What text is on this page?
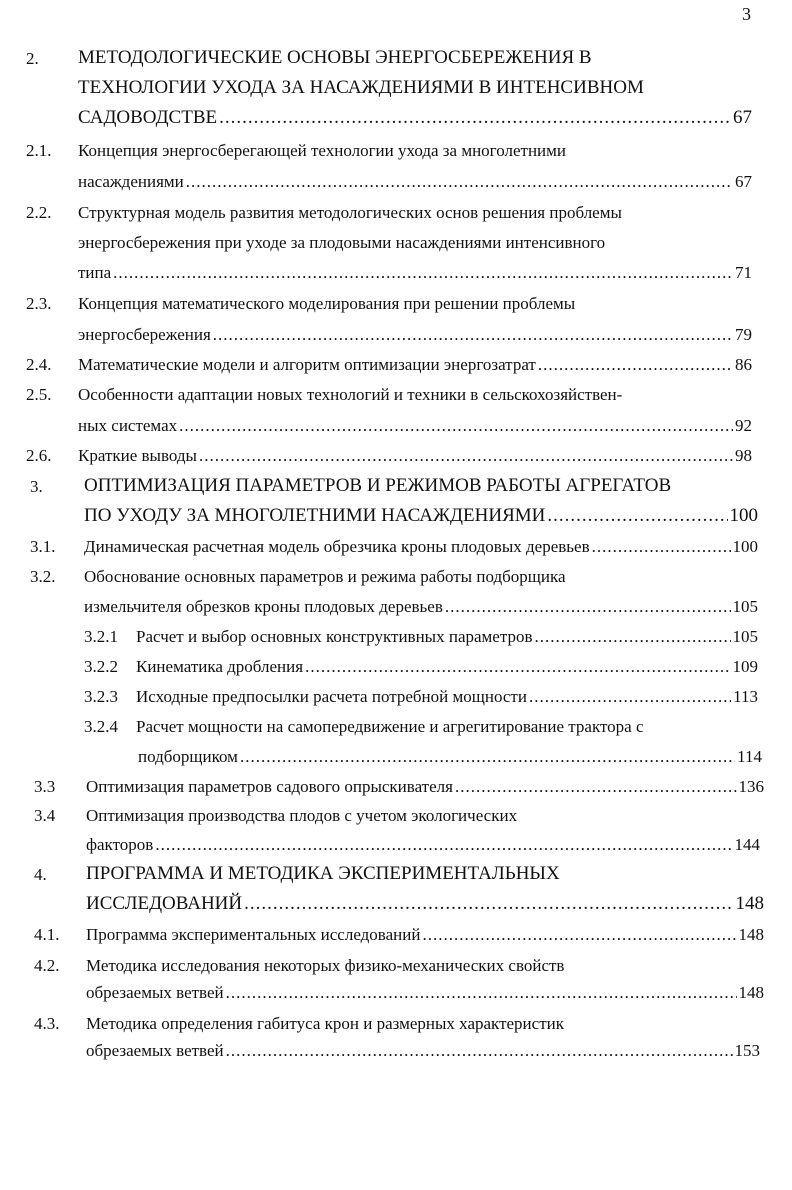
3
2. МЕТОДОЛОГИЧЕСКИЕ ОСНОВЫ ЭНЕРГОСБЕРЕЖЕНИЯ В
ТЕХНОЛОГИИ УХОДА ЗА НАСАЖДЕНИЯМИ В ИНТЕНСИВНОМ
САДОВОДСТВЕ .....	67
2.1. Концепция энергосберегающей технологии ухода за многолетними
насаждениями .....	67
2.2. Структурная модель развития методологических основ решения проблемы
энергосбережения при уходе за плодовыми насаждениями интенсивного
типа .....	71
2.3. Концепция математического моделирования при решении проблемы
энергосбережения .....	79
2.4. Математические модели и алгоритм оптимизации энергозатрат .....	86
2.5. Особенности адаптации новых технологий и техники в сельскохозяйствен-
ных системах .....	92
2.6. Краткие выводы .....	98
3. ОПТИМИЗАЦИЯ ПАРАМЕТРОВ И РЕЖИМОВ РАБОТЫ АГРЕГАТОВ
ПО УХОДУ ЗА МНОГОЛЕТНИМИ НАСАЖДЕНИЯМИ .....	100
3.1. Динамическая расчетная модель обрезчика кроны плодовых деревьев .....	100
3.2. Обоснование основных параметров и режима работы подборщика
измельчителя обрезков кроны плодовых деревьев .....	105
3.2.1 Расчет и выбор основных конструктивных параметров .....	105
3.2.2 Кинематика дробления .....	109
3.2.3 Исходные предпосылки расчета потребной мощности .....	113
3.2.4 Расчет мощности на самопередвижение и агрегитирование трактора с
подборщиком .....	114
3.3 Оптимизация параметров садового опрыскивателя .....	136
3.4 Оптимизация производства плодов с учетом экологических
факторов .....	144
4. ПРОГРАММА И МЕТОДИКА ЭКСПЕРИМЕНТАЛЬНЫХ
ИССЛЕДОВАНИЙ .....	148
4.1. Программа экспериментальных исследований .....	148
4.2. Методика исследования некоторых физико-механических свойств
обрезаемых ветвей .....	148
4.3. Методика определения габитуса крон и размерных характеристик
обрезаемых ветвей .....	153
